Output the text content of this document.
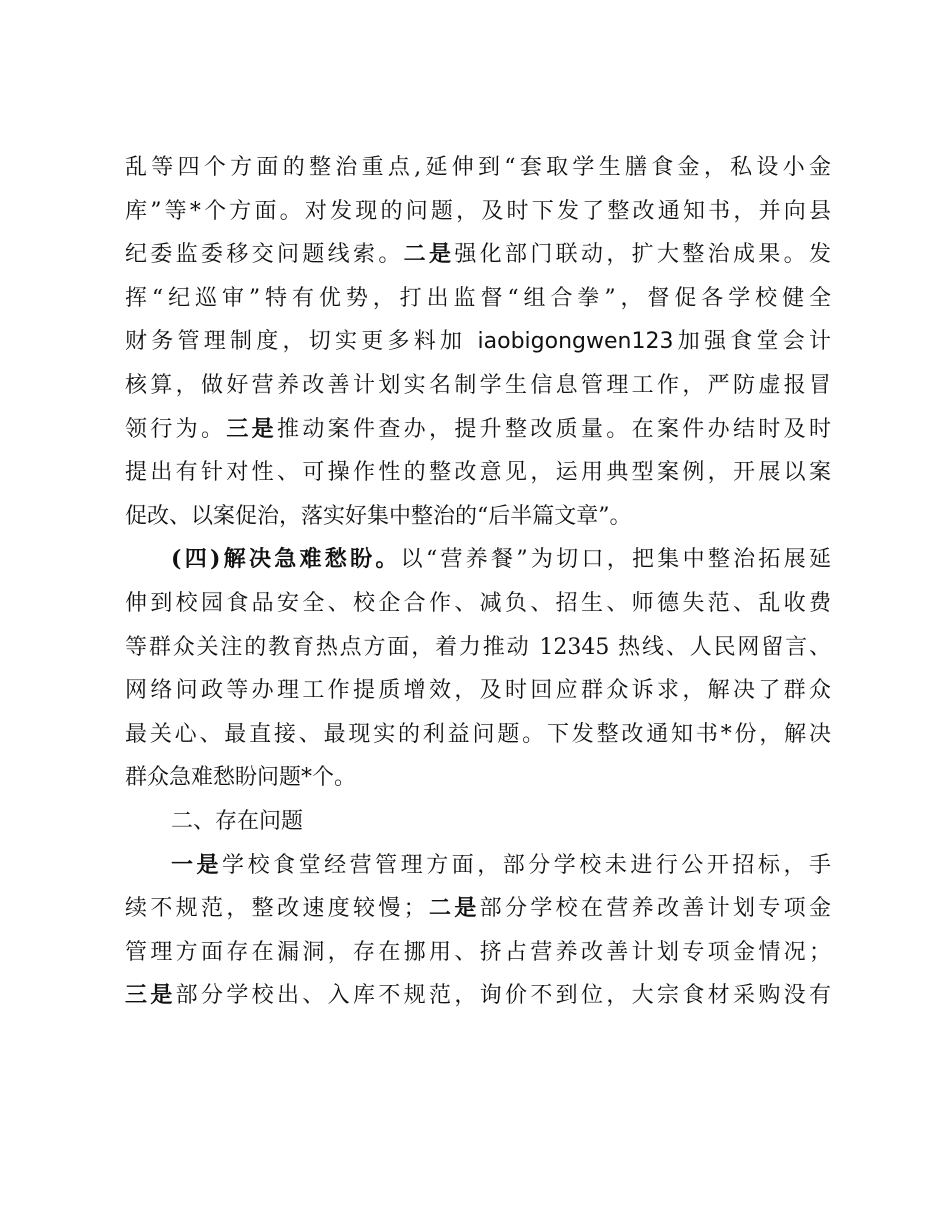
乱等四个方面的整治重点,延伸到“套取学生膳食金，私设小金
库”等*个方面。对发现的问题，及时下发了整改通知书，并向县
纪委监委移交问题线索。二是强化部门联动，扩大整治成果。发
挥“纪巡审”特有优势，打出监督“组合拳”，督促各学校健全
财务管理制度，切实更多料加 iaobigongwen123加强食堂会计
核算，做好营养改善计划实名制学生信息管理工作，严防虚报冒
领行为。三是推动案件查办，提升整改质量。在案件办结时及时
提出有针对性、可操作性的整改意见，运用典型案例，开展以案
促改、以案促治，落实好集中整治的“后半篇文章”。
(四)解决急难愁盼。以“营养餐”为切口，把集中整治拓展延
伸到校园食品安全、校企合作、减负、招生、师德失范、乱收费
等群众关注的教育热点方面，着力推动 12345 热线、人民网留言、
网络问政等办理工作提质增效，及时回应群众诉求，解决了群众
最关心、最直接、最现实的利益问题。下发整改通知书*份，解决
群众急难愁盼问题*个。
二、存在问题
一是学校食堂经营管理方面，部分学校未进行公开招标，手
续不规范，整改速度较慢；二是部分学校在营养改善计划专项金
管理方面存在漏洞，存在挪用、挤占营养改善计划专项金情况；
三是部分学校出、入库不规范，询价不到位，大宗食材采购没有
